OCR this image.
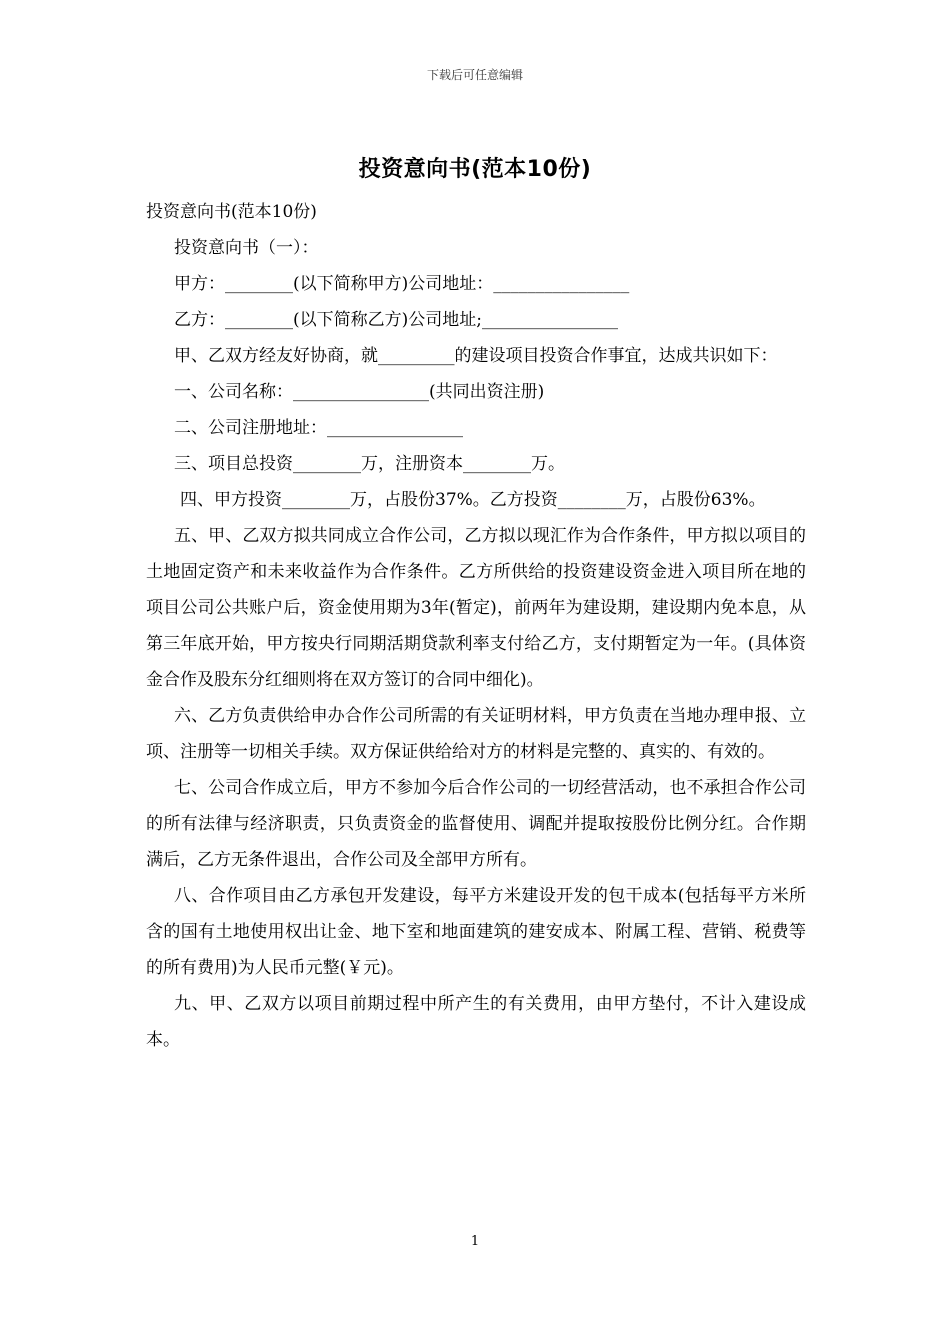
下载后可任意编辑
投资意向书(范本10份)

投资意向书(范本10份)

投资意向书（一）：

甲方：________(以下简称甲方)公司地址：________________

乙方：________(以下简称乙方)公司地址;________________

甲、乙双方经友好协商，就_________的建设项目投资合作事宜，达成共识如下：

一、公司名称：________________(共同出资注册)

二、公司注册地址：________________

三、项目总投资________万，注册资本________万。

四、甲方投资________万，占股份37%。乙方投资________万，占股份63%。

五、甲、乙双方拟共同成立合作公司，乙方拟以现汇作为合作条件，甲方拟以项目的土地固定资产和未来收益作为合作条件。乙方所供给的投资建设资金进入项目所在地的项目公司公共账户后，资金使用期为3年(暂定)，前两年为建设期，建设期内免本息，从第三年底开始，甲方按央行同期活期贷款利率支付给乙方，支付期暂定为一年。(具体资金合作及股东分红细则将在双方签订的合同中细化)。

六、乙方负责供给申办合作公司所需的有关证明材料，甲方负责在当地办理申报、立项、注册等一切相关手续。双方保证供给给对方的材料是完整的、真实的、有效的。

七、公司合作成立后，甲方不参加今后合作公司的一切经营活动，也不承担合作公司的所有法律与经济职责，只负责资金的监督使用、调配并提取按股份比例分红。合作期满后，乙方无条件退出，合作公司及全部甲方所有。

八、合作项目由乙方承包开发建设，每平方米建设开发的包干成本(包括每平方米所含的国有土地使用权出让金、地下室和地面建筑的建安成本、附属工程、营销、税费等的所有费用)为人民币元整(￥元)。

九、甲、乙双方以项目前期过程中所产生的有关费用，由甲方垫付，不计入建设成本。

1
